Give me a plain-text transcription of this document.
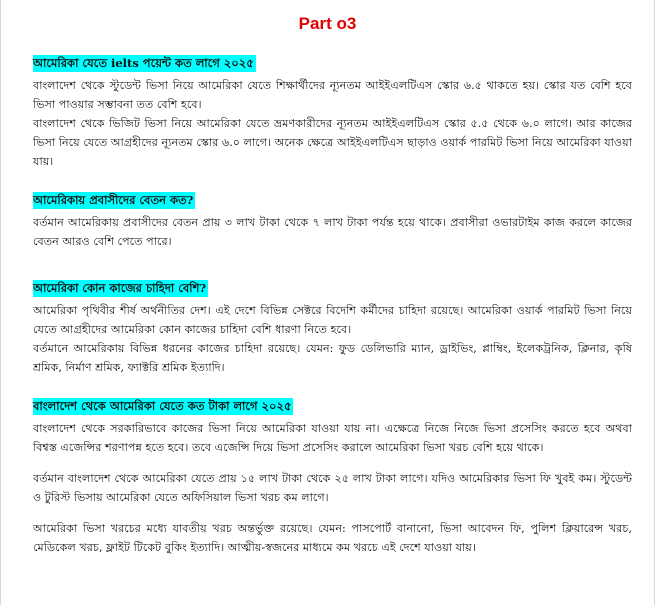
Part o3
আমেরিকা যেতে ielts পয়েন্ট কত লাগে ২০২৫

বাংলাদেশ থেকে স্টুডেন্ট ভিসা নিয়ে আমেরিকা যেতে শিক্ষার্থীদের ন্যূনতম আইইএলটিএস স্কোর ৬.৫ থাকতে হয়। স্কোর যত বেশি হবে ভিসা পাওয়ার সম্ভাবনা তত বেশি হবে।

বাংলাদেশ থেকে ভিজিট ভিসা নিয়ে আমেরিকা যেতে ভ্রমণকারীদের ন্যূনতম আইইএলটিএস স্কোর ৫.৫ থেকে ৬.০ লাগে। আর কাজের ভিসা নিয়ে যেতে আগ্রহীদের ন্যূনতম স্কোর ৬.০ লাগে। অনেক ক্ষেত্রে আইইএলটিএস ছাড়াও ওয়ার্ক পারমিট ভিসা নিয়ে আমেরিকা যাওয়া যায়।

আমেরিকায় প্রবাসীদের বেতন কত?

বর্তমান আমেরিকায় প্রবাসীদের বেতন প্রায় ৩ লাখ টাকা থেকে ৭ লাখ টাকা পর্যন্ত হয়ে থাকে। প্রবাসীরা ওভারটাইম কাজ করলে কাজের বেতন আরও বেশি পেতে পারে।

আমেরিকা কোন কাজের চাহিদা বেশি?

আমেরিকা পৃথিবীর শীর্ষ অর্থনীতির দেশ। এই দেশে বিভিন্ন সেক্টরে বিদেশি কর্মীদের চাহিদা রয়েছে। আমেরিকা ওয়ার্ক পারমিট ভিসা নিয়ে যেতে আগ্রহীদের আমেরিকা কোন কাজের চাহিদা বেশি ধারণা নিতে হবে।

বর্তমানে আমেরিকায় বিভিন্ন ধরনের কাজের চাহিদা রয়েছে। যেমন: ফুড ডেলিভারি ম্যান, ড্রাইভিং, প্লাম্বিং, ইলেকট্রনিক, ক্লিনার, কৃষি শ্রমিক, নির্মাণ শ্রমিক, ফ্যাক্টরি শ্রমিক ইত্যাদি।

বাংলাদেশ থেকে আমেরিকা যেতে কত টাকা লাগে ২০২৫

বাংলাদেশ থেকে সরকারিভাবে কাজের ভিসা নিয়ে আমেরিকা যাওয়া যায় না। এক্ষেত্রে নিজে নিজে ভিসা প্রসেসিং করতে হবে অথবা বিশ্বস্ত এজেন্সির শরণাপন্ন হতে হবে। তবে এজেন্সি দিয়ে ভিসা প্রসেসিং করালে আমেরিকা ভিসা খরচ বেশি হয়ে থাকে।

বর্তমান বাংলাদেশ থেকে আমেরিকা যেতে প্রায় ১৫ লাখ টাকা থেকে ২৫ লাখ টাকা লাগে। যদিও আমেরিকার ভিসা ফি খুবই কম। স্টুডেন্ট ও টুরিস্ট ভিসায় আমেরিকা যেতে অফিসিয়াল ভিসা খরচ কম লাগে।

আমেরিকা ভিসা খরচের মধ্যে যাবতীয় খরচ অন্তর্ভুক্ত রয়েছে। যেমন: পাসপোর্ট বানানো, ভিসা আবেদন ফি, পুলিশ ক্লিয়ারেন্স খরচ, মেডিকেল খরচ, ফ্লাইট টিকেট বুকিং ইত্যাদি। আত্মীয়-স্বজনের মাধ্যমে কম খরচে এই দেশে যাওয়া যায়।
